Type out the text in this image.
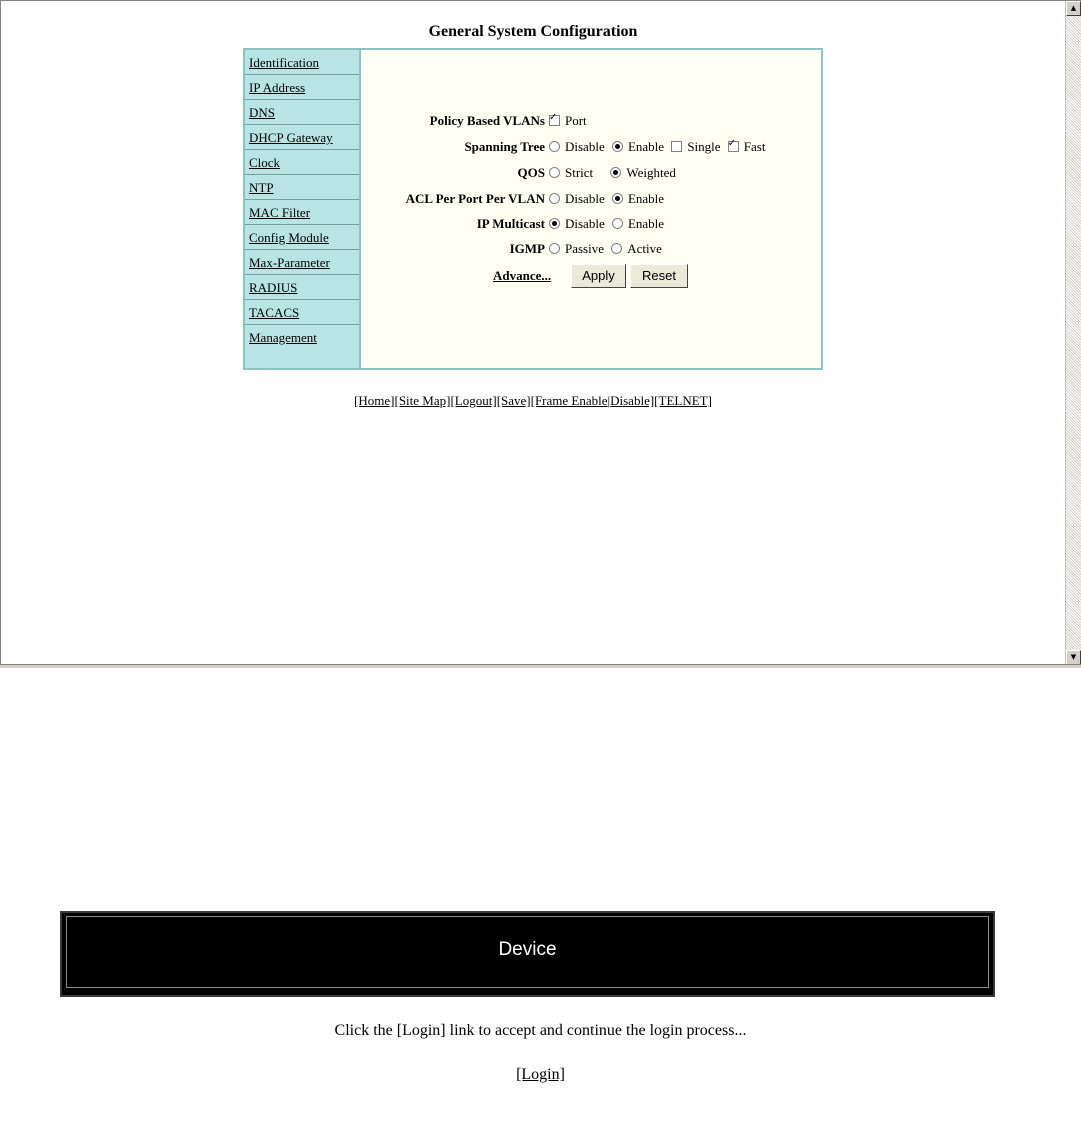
General System Configuration
Identification
IP Address
DNS
DHCP Gateway
Clock
NTP
MAC Filter
Config Module
Max-Parameter
RADIUS
TACACS
Management
Policy Based VLANs ✓	Port
Spanning Tree	Disable Enable Single ✓ Fast
QOS	Strict	Weighted
ACL Per Port Per VLAN	Disable Enable
IP Multicast	Disable Enable
IGMP	Passive Active
Advance...	Apply	Reset
[Home][Site Map][Logout][Save][Frame Enable|Disable][TELNET]
▲
▼
Device
Click the [Login] link to accept and continue the login process...
[Login]
